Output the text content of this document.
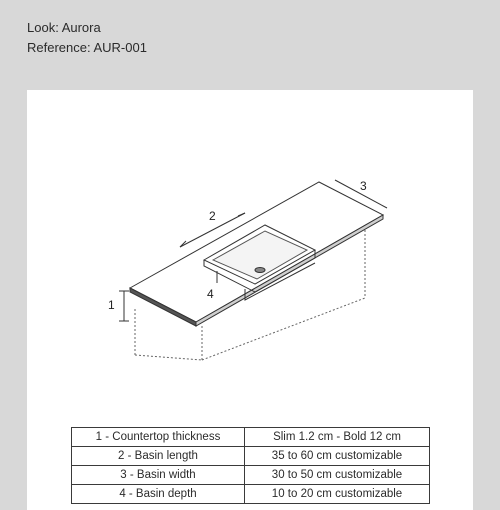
Look: Aurora
Reference: AUR-001
2
3
1
4
1 - Countertop thickness	Slim 1.2 cm - Bold 12 cm
2 - Basin length	35 to 60 cm customizable
3 - Basin width	30 to 50 cm customizable
4 - Basin depth	10 to 20 cm customizable
